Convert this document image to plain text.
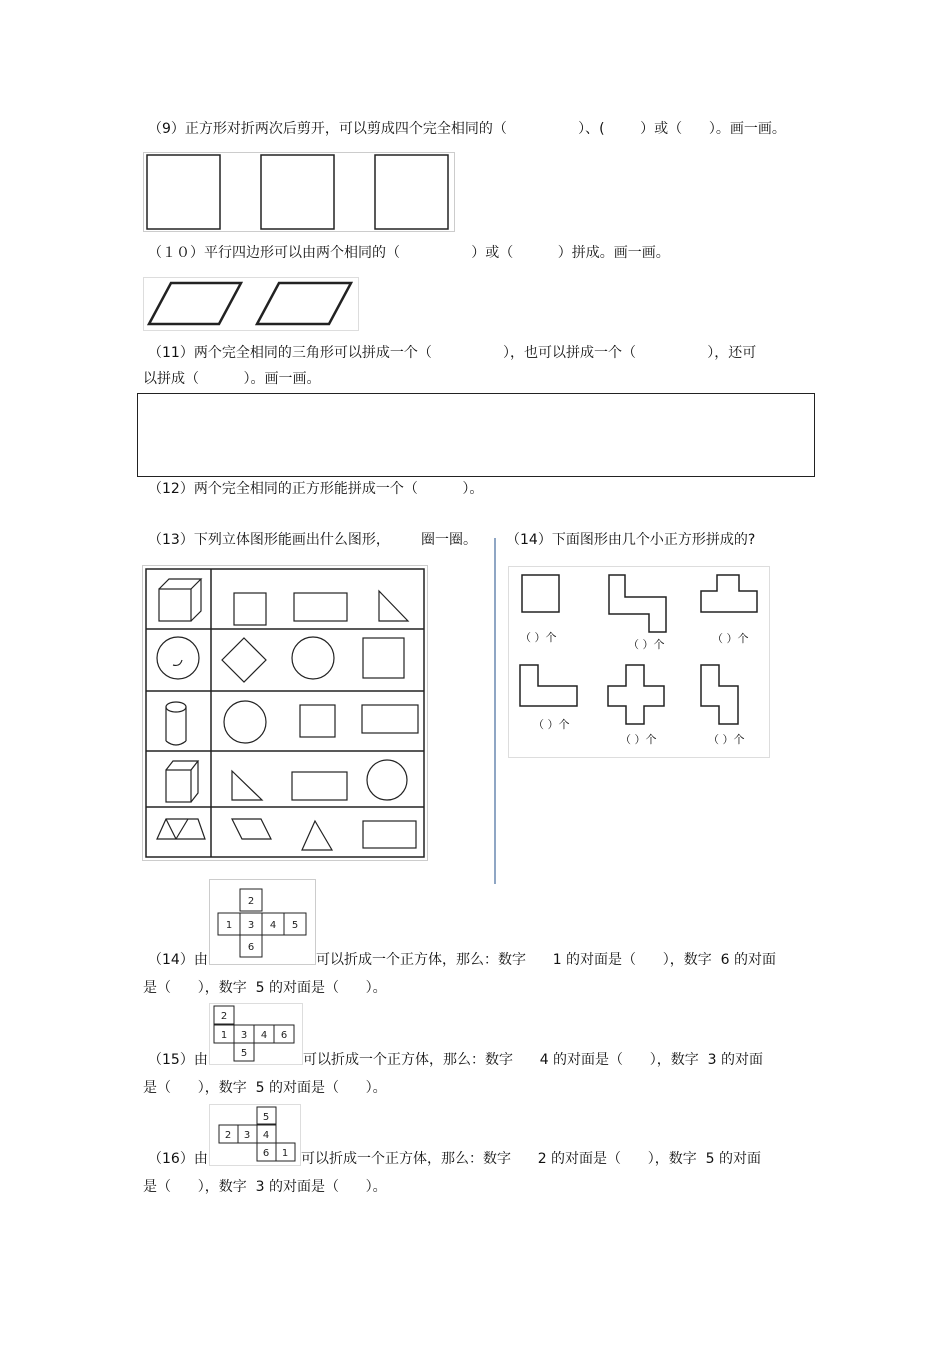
（9）正方形对折两次后剪开，可以剪成四个完全相同的（                ）、(        ）或（      ）。画一画。
（１０）平行四边形可以由两个相同的（                ）或（          ）拼成。画一画。
（11）两个完全相同的三角形可以拼成一个（                ），也可以拼成一个（                ），还可
以拼成（          ）。画一画。
（12）两个完全相同的正方形能拼成一个（          ）。
（13）下列立体图形能画出什么图形，       圈一圈。 （14）下面图形由几个小正方形拼成的?
（ ）个
（ ）个	（ ）个
（ ）个
（ ）个	（ ）个
2
1 3 4 5
6
（14）由	可以折成一个正方体，那么：数字      1 的对面是（      ），数字  6 的对面
是（      ），数字  5 的对面是（      ）。
2
1 3 4 6
5
（15）由	可以折成一个正方体，那么：数字      4 的对面是（      ），数字  3 的对面
是（      ），数字  5 的对面是（      ）。
5
2 3 4
6 1
（16）由	可以折成一个正方体，那么：数字      2 的对面是（      ），数字  5 的对面
是（      ），数字  3 的对面是（      ）。
